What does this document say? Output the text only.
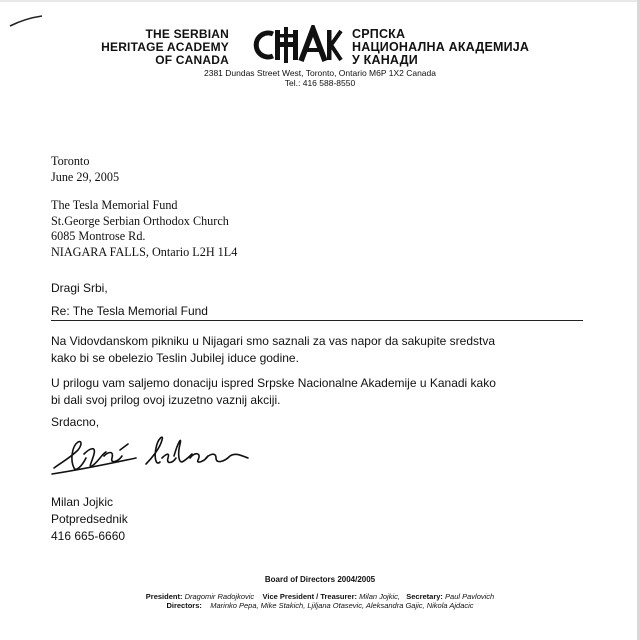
THE SERBIAN
HERITAGE ACADEMY
OF CANADA
СРПСКА
НАЦИОНАЛНА АКАДЕМИЈА
У КАНАДИ
2381 Dundas Street West, Toronto, Ontario M6P 1X2 Canada
Tel.: 416 588-8550
Toronto
June 29, 2005
The Tesla Memorial Fund
St.George Serbian Orthodox Church
6085 Montrose Rd.
NIAGARA FALLS, Ontario L2H 1L4
Dragi Srbi,
Re: The Tesla Memorial Fund
Na Vidovdanskom pikniku u Nijagari smo saznali za vas napor da sakupite sredstva
kako bi se obelezio Teslin Jubilej iduce godine.
U prilogu vam saljemo donaciju ispred Srpske Nacionalne Akademije u Kanadi kako
bi dali svoj prilog ovoj izuzetno vaznij akciji.
Srdacno,
Milan Jojkic
Potpredsednik
416 665-6660
Board of Directors 2004/2005
President: Dragomir Radojkovic Vice President / Treasurer: Milan Jojkic, Secretary: Paul Pavlovich
Directors: Marinko Pepa, Mike Stakich, Ljiljana Otasevic, Aleksandra Gajic, Nikola Ajdacic
